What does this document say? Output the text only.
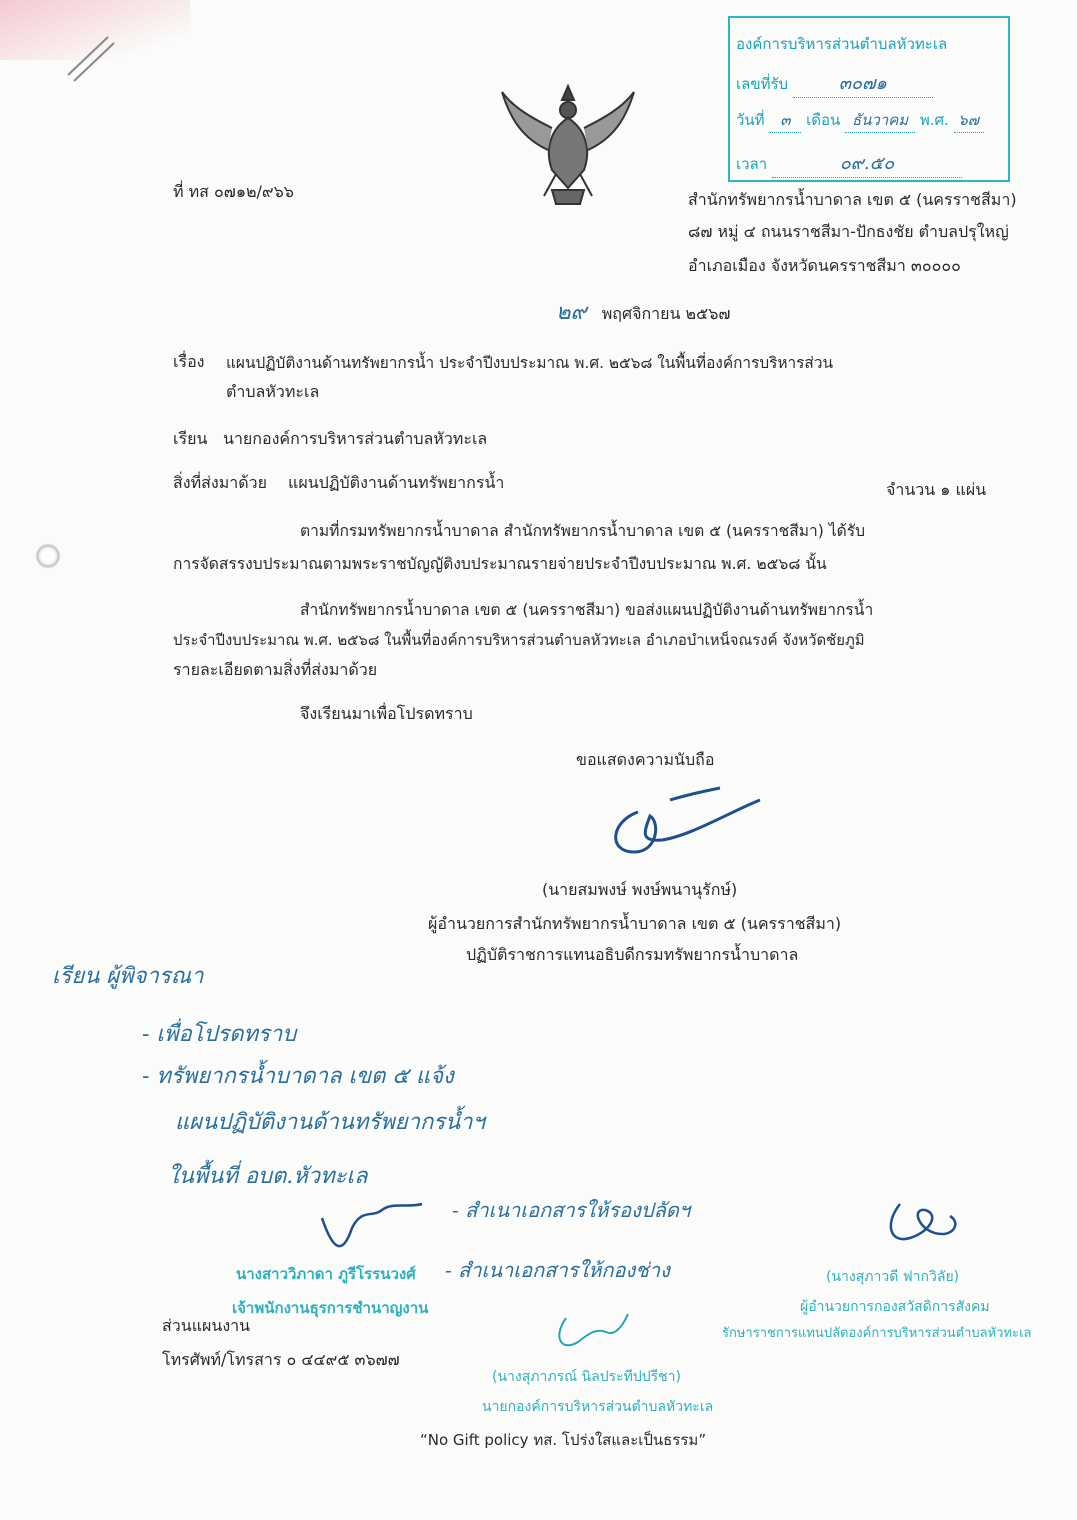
องค์การบริหารส่วนตำบลหัวทะเล
เลขที่รับ	๓๐๗๑
วันที่ ๓ เดือน ธันวาคม พ.ศ. ๖๗
เวลา	๐๙.๕๐
ที่ ทส ๐๗๑๒/๙๖๖	สำนักทรัพยากรน้ำบาดาล เขต ๕ (นครราชสีมา)
๘๗ หมู่ ๔ ถนนราชสีมา-ปักธงชัย ตำบลปรุใหญ่
อำเภอเมือง จังหวัดนครราชสีมา ๓๐๐๐๐
๒๙ พฤศจิกายน ๒๕๖๗
เรื่อง แผนปฏิบัติงานด้านทรัพยากรน้ำ ประจำปีงบประมาณ พ.ศ. ๒๕๖๘ ในพื้นที่องค์การบริหารส่วน
ตำบลหัวทะเล
เรียน นายกองค์การบริหารส่วนตำบลหัวทะเล
สิ่งที่ส่งมาด้วย แผนปฏิบัติงานด้านทรัพยากรน้ำ	จำนวน ๑ แผ่น
ตามที่กรมทรัพยากรน้ำบาดาล สำนักทรัพยากรน้ำบาดาล เขต ๕ (นครราชสีมา) ได้รับ
การจัดสรรงบประมาณตามพระราชบัญญัติงบประมาณรายจ่ายประจำปีงบประมาณ พ.ศ. ๒๕๖๘ นั้น
สำนักทรัพยากรน้ำบาดาล เขต ๕ (นครราชสีมา) ขอส่งแผนปฏิบัติงานด้านทรัพยากรน้ำ
ประจำปีงบประมาณ พ.ศ. ๒๕๖๘ ในพื้นที่องค์การบริหารส่วนตำบลหัวทะเล อำเภอบำเหน็จณรงค์ จังหวัดชัยภูมิ
รายละเอียดตามสิ่งที่ส่งมาด้วย
จึงเรียนมาเพื่อโปรดทราบ
ขอแสดงความนับถือ
(นายสมพงษ์ พงษ์พนานุรักษ์)
ผู้อำนวยการสำนักทรัพยากรน้ำบาดาล เขต ๕ (นครราชสีมา)
ปฏิบัติราชการแทนอธิบดีกรมทรัพยากรน้ำบาดาล
เรียน ผู้พิจารณา
- เพื่อโปรดทราบ
- ทรัพยากรน้ำบาดาล เขต ๕ แจ้ง
แผนปฏิบัติงานด้านทรัพยากรน้ำฯ
ในพื้นที่ อบต.หัวทะเล
- สำเนาเอกสารให้รองปลัดฯ
- สำเนาเอกสารให้กองช่าง
นางสาววิภาดา ภูรีโรรนวงศ์
เจ้าพนักงานธุรการชำนาญงาน
(นางสุภาวดี ฟากวิลัย)
ผู้อำนวยการกองสวัสดิการสังคม
รักษาราชการแทนปลัดองค์การบริหารส่วนตำบลหัวทะเล
ส่วนแผนงาน
โทรศัพท์/โทรสาร ๐ ๔๔๙๕ ๓๖๗๗
(นางสุภาภรณ์ นิลประทีปปรีชา)
นายกองค์การบริหารส่วนตำบลหัวทะเล
“No Gift policy ทส. โปร่งใสและเป็นธรรม”
